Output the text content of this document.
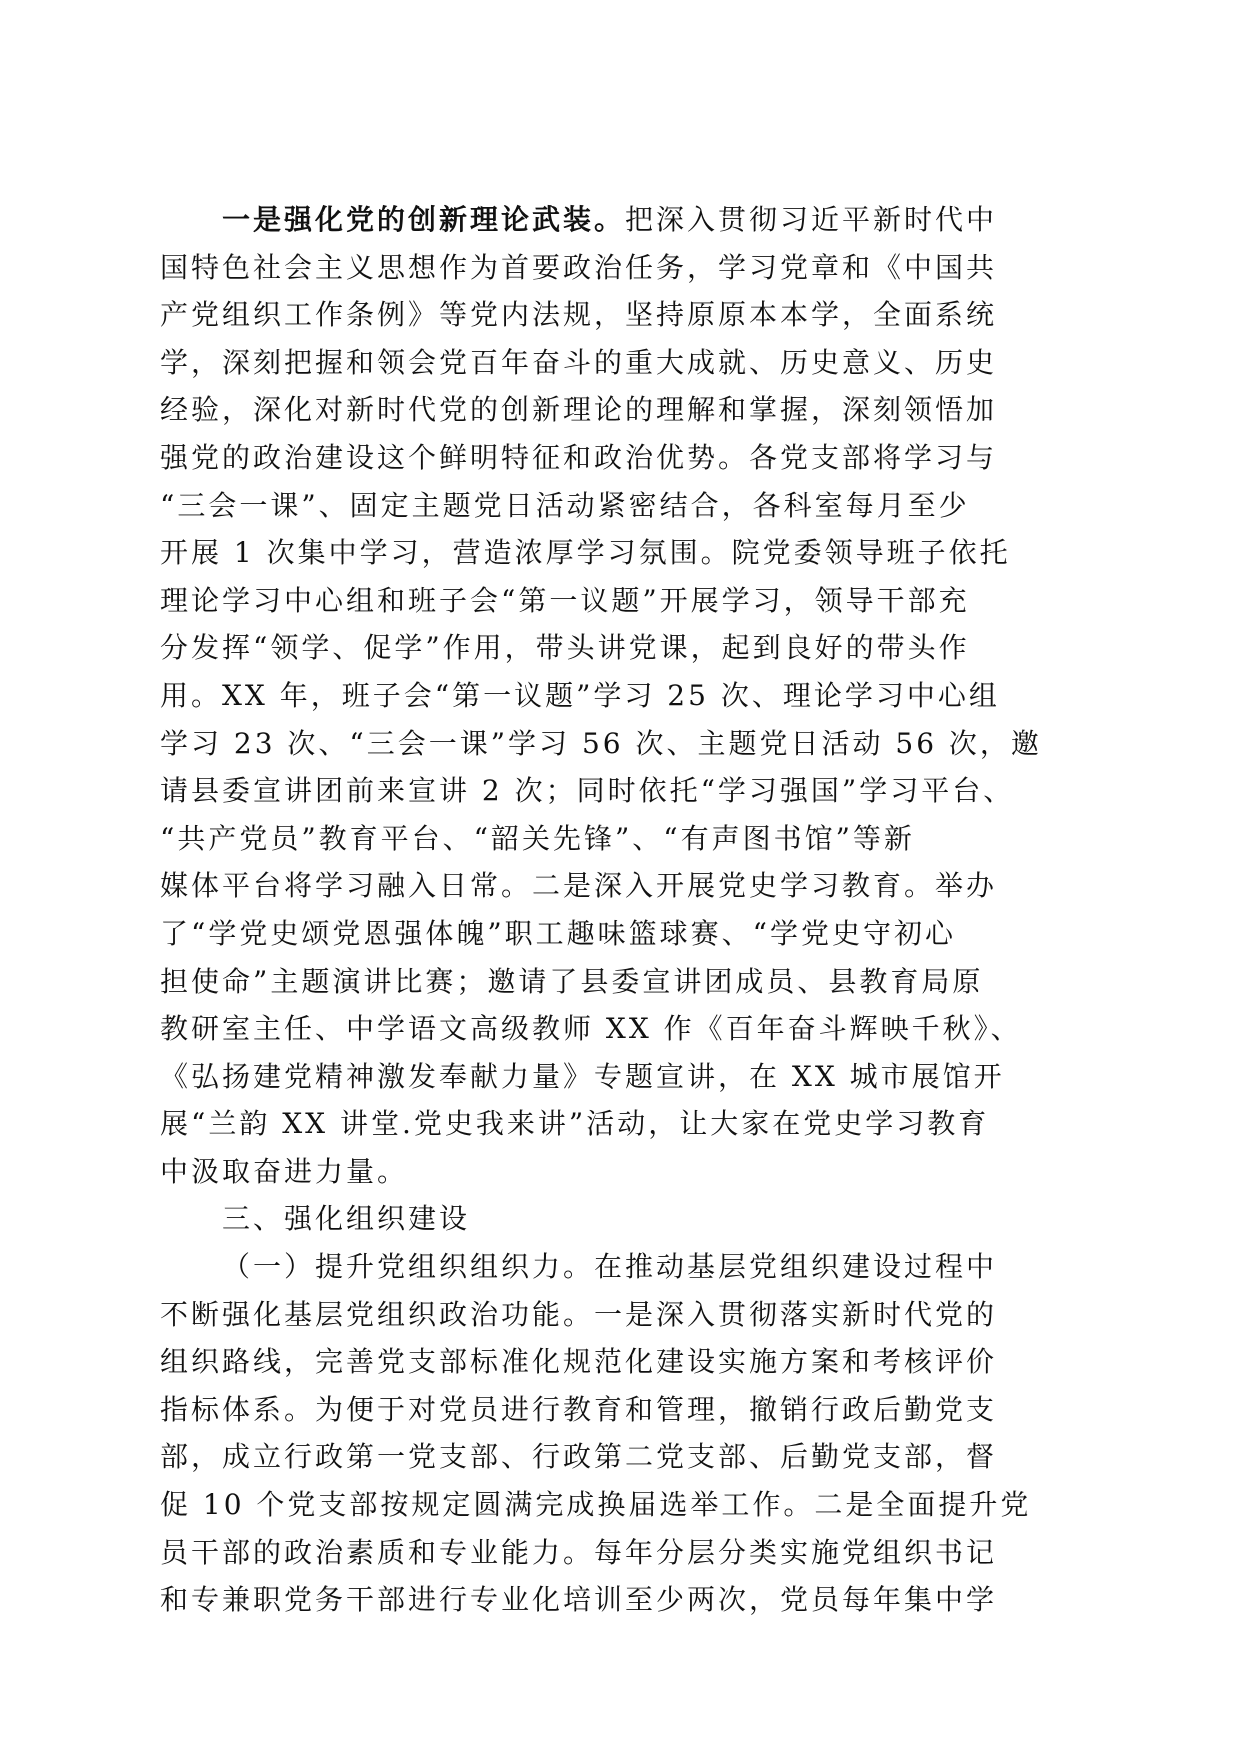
一是强化党的创新理论武装。把深入贯彻习近平新时代中
国特色社会主义思想作为首要政治任务，学习党章和《中国共
产党组织工作条例》等党内法规，坚持原原本本学，全面系统
学，深刻把握和领会党百年奋斗的重大成就、历史意义、历史
经验，深化对新时代党的创新理论的理解和掌握，深刻领悟加
强党的政治建设这个鲜明特征和政治优势。各党支部将学习与
“三会一课”、固定主题党日活动紧密结合，各科室每月至少
开展 1 次集中学习，营造浓厚学习氛围。院党委领导班子依托
理论学习中心组和班子会“第一议题”开展学习，领导干部充
分发挥“领学、促学”作用，带头讲党课，起到良好的带头作
用。XX 年，班子会“第一议题”学习 25 次、理论学习中心组
学习 23 次、“三会一课”学习 56 次、主题党日活动 56 次，邀
请县委宣讲团前来宣讲 2 次；同时依托“学习强国”学习平台、
“共产党员”教育平台、“韶关先锋”、“有声图书馆”等新
媒体平台将学习融入日常。二是深入开展党史学习教育。举办
了“学党史颂党恩强体魄”职工趣味篮球赛、“学党史守初心
担使命”主题演讲比赛；邀请了县委宣讲团成员、县教育局原
教研室主任、中学语文高级教师 XX 作《百年奋斗辉映千秋》、
《弘扬建党精神激发奉献力量》专题宣讲，在 XX 城市展馆开
展“兰韵 XX 讲堂.党史我来讲”活动，让大家在党史学习教育
中汲取奋进力量。
三、强化组织建设
（一）提升党组织组织力。在推动基层党组织建设过程中
不断强化基层党组织政治功能。一是深入贯彻落实新时代党的
组织路线，完善党支部标准化规范化建设实施方案和考核评价
指标体系。为便于对党员进行教育和管理，撤销行政后勤党支
部，成立行政第一党支部、行政第二党支部、后勤党支部，督
促 10 个党支部按规定圆满完成换届选举工作。二是全面提升党
员干部的政治素质和专业能力。每年分层分类实施党组织书记
和专兼职党务干部进行专业化培训至少两次，党员每年集中学
